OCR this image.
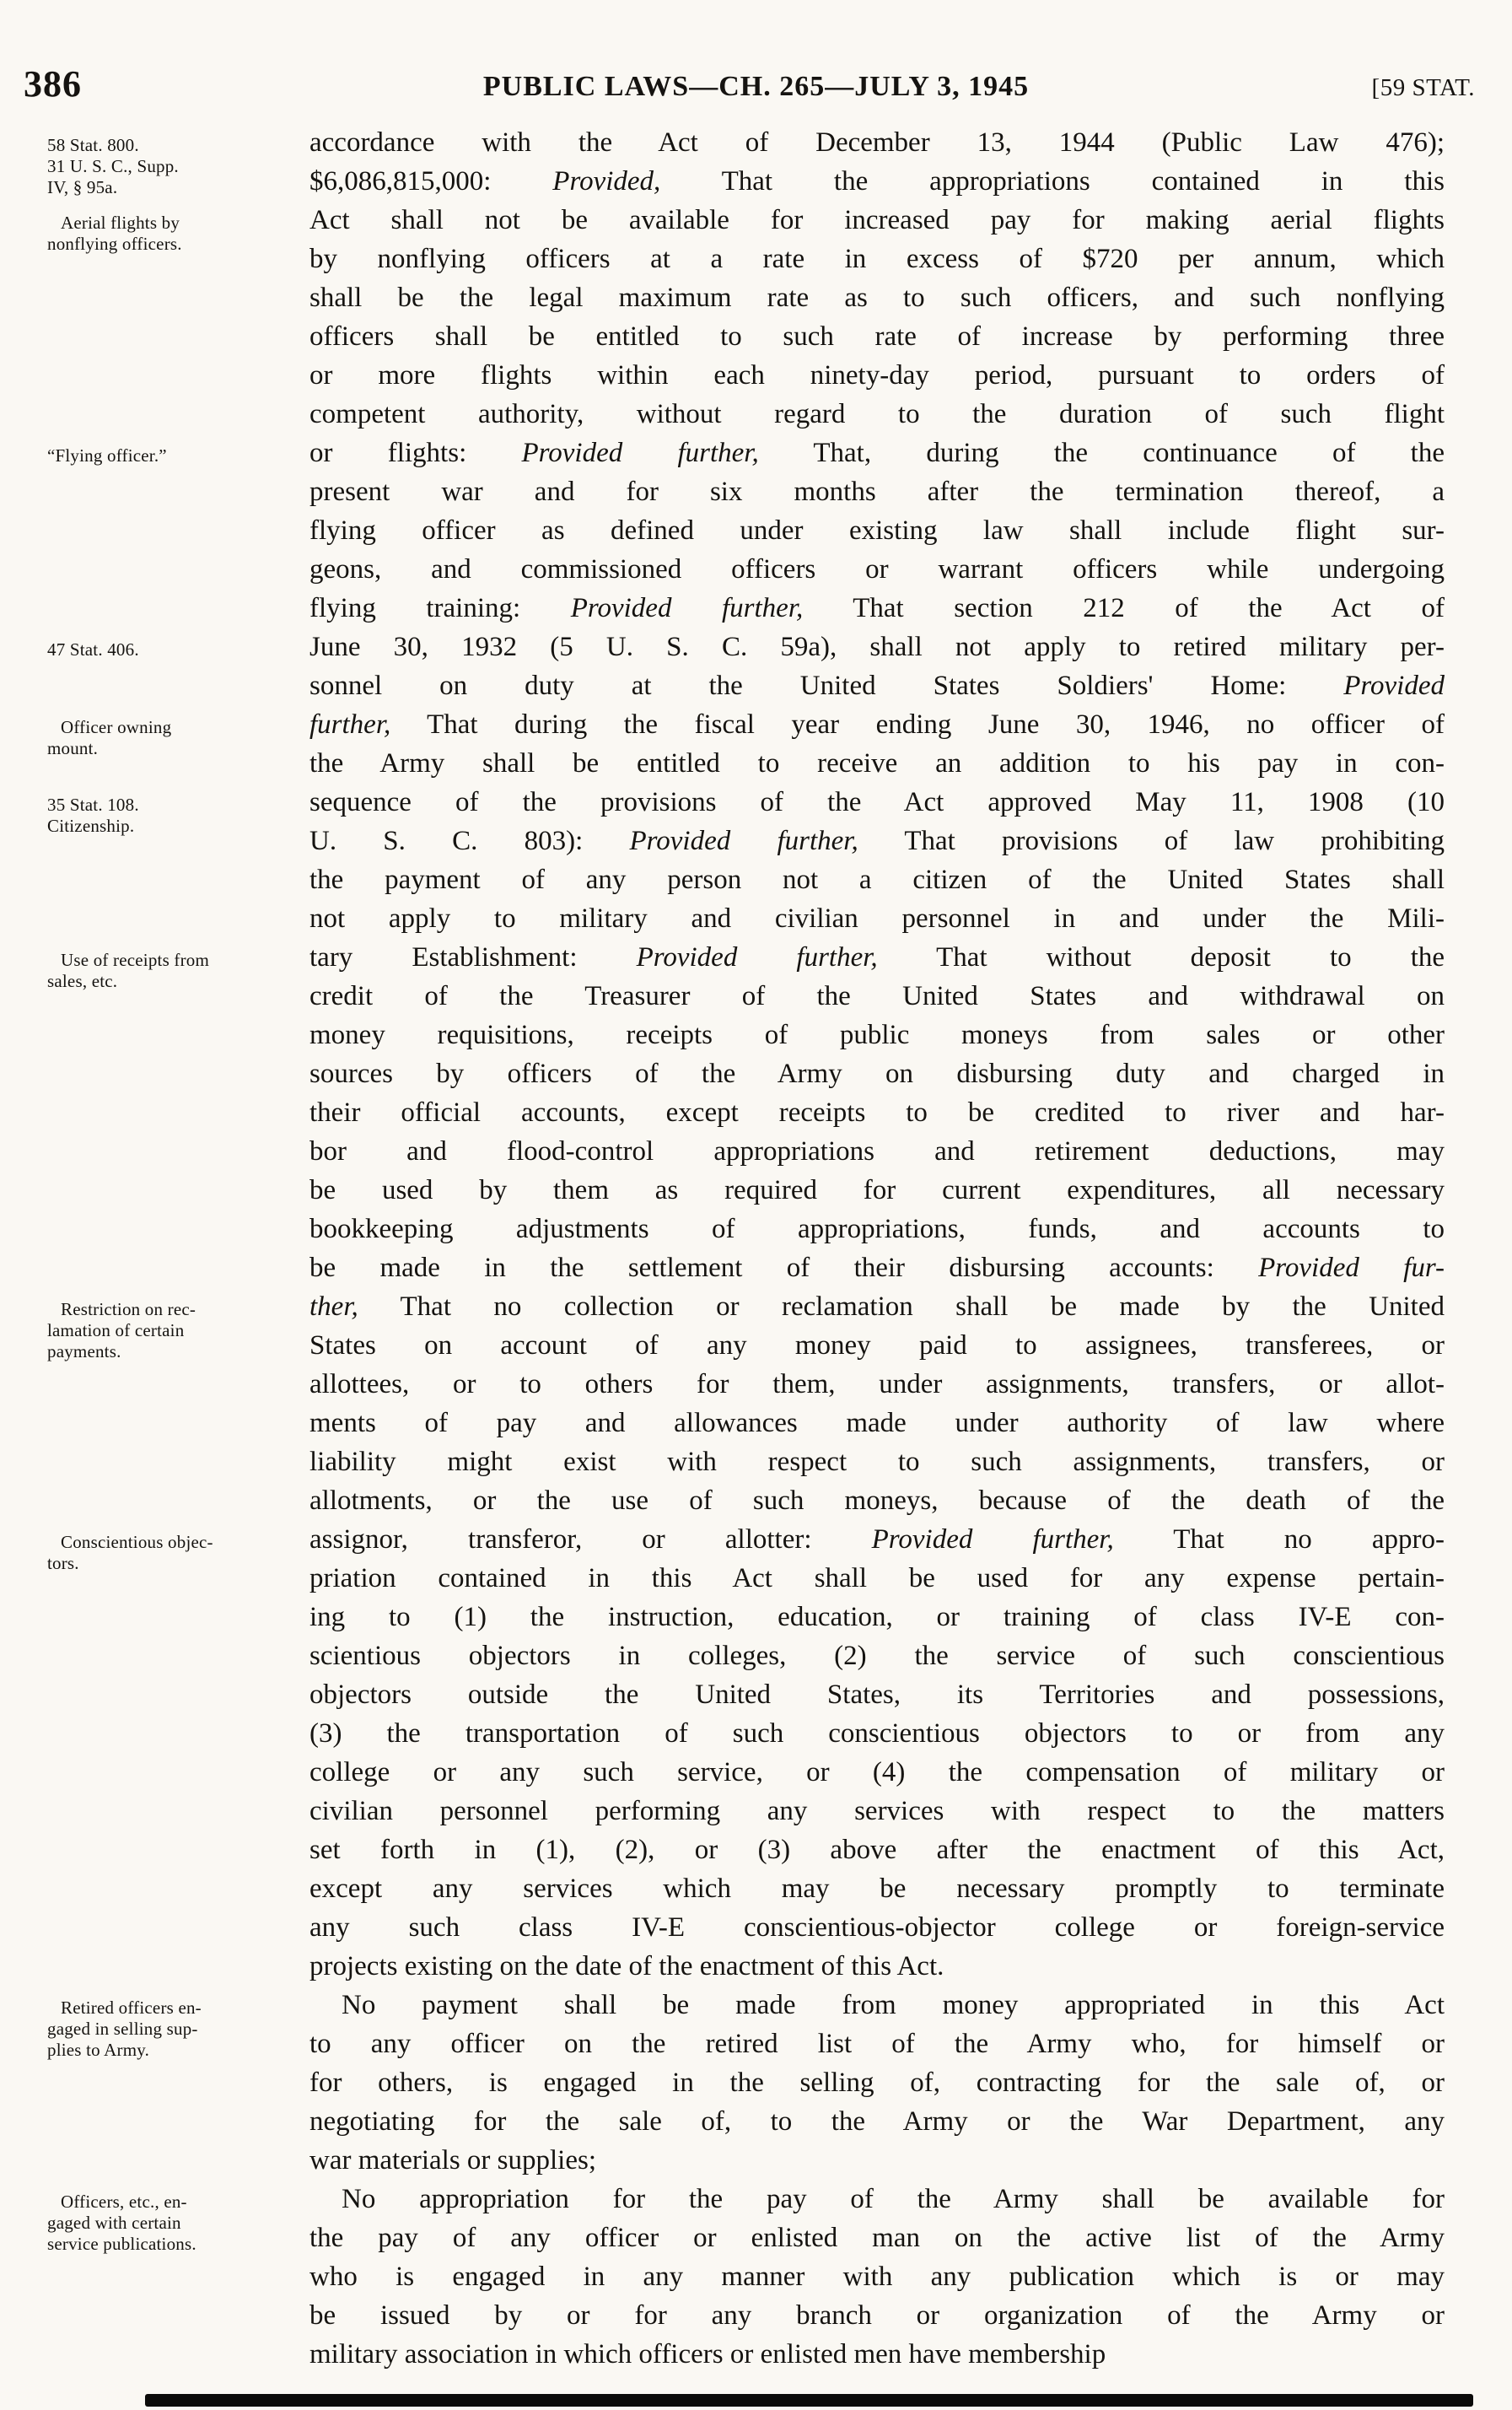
386	PUBLIC LAWS—CH. 265—JULY 3, 1945	[59 STAT.
58 Stat. 800.
31 U. S. C., Supp.
IV, § 95a.
Aerial flights by
nonflying officers.
“Flying officer.”
47 Stat. 406.
Officer owning
mount.
35 Stat. 108.
Citizenship.
Use of receipts from
sales, etc.
Restriction on rec-
lamation of certain
payments.
Conscientious objec-
tors.
Retired officers en-
gaged in selling sup-
plies to Army.
Officers, etc., en-
gaged with certain
service publications.
accordance with the Act of December 13, 1944 (Public Law 476);
$6,086,815,000: Provided, That the appropriations contained in this
Act shall not be available for increased pay for making aerial flights
by nonflying officers at a rate in excess of $720 per annum, which
shall be the legal maximum rate as to such officers, and such nonflying
officers shall be entitled to such rate of increase by performing three
or more flights within each ninety-day period, pursuant to orders of
competent authority, without regard to the duration of such flight
or flights: Provided further, That, during the continuance of the
present war and for six months after the termination thereof, a
flying officer as defined under existing law shall include flight sur-
geons, and commissioned officers or warrant officers while undergoing
flying training: Provided further, That section 212 of the Act of
June 30, 1932 (5 U. S. C. 59a), shall not apply to retired military per-
sonnel on duty at the United States Soldiers' Home: Provided
further, That during the fiscal year ending June 30, 1946, no officer of
the Army shall be entitled to receive an addition to his pay in con-
sequence of the provisions of the Act approved May 11, 1908 (10
U. S. C. 803): Provided further, That provisions of law prohibiting
the payment of any person not a citizen of the United States shall
not apply to military and civilian personnel in and under the Mili-
tary Establishment: Provided further, That without deposit to the
credit of the Treasurer of the United States and withdrawal on
money requisitions, receipts of public moneys from sales or other
sources by officers of the Army on disbursing duty and charged in
their official accounts, except receipts to be credited to river and har-
bor and flood-control appropriations and retirement deductions, may
be used by them as required for current expenditures, all necessary
bookkeeping adjustments of appropriations, funds, and accounts to
be made in the settlement of their disbursing accounts: Provided fur-
ther, That no collection or reclamation shall be made by the United
States on account of any money paid to assignees, transferees, or
allottees, or to others for them, under assignments, transfers, or allot-
ments of pay and allowances made under authority of law where
liability might exist with respect to such assignments, transfers, or
allotments, or the use of such moneys, because of the death of the
assignor, transferor, or allotter: Provided further, That no appro-
priation contained in this Act shall be used for any expense pertain-
ing to (1) the instruction, education, or training of class IV-E con-
scientious objectors in colleges, (2) the service of such conscientious
objectors outside the United States, its Territories and possessions,
(3) the transportation of such conscientious objectors to or from any
college or any such service, or (4) the compensation of military or
civilian personnel performing any services with respect to the matters
set forth in (1), (2), or (3) above after the enactment of this Act,
except any services which may be necessary promptly to terminate
any such class IV-E conscientious-objector college or foreign-service
projects existing on the date of the enactment of this Act.
No payment shall be made from money appropriated in this Act
to any officer on the retired list of the Army who, for himself or
for others, is engaged in the selling of, contracting for the sale of, or
negotiating for the sale of, to the Army or the War Department, any
war materials or supplies;
No appropriation for the pay of the Army shall be available for
the pay of any officer or enlisted man on the active list of the Army
who is engaged in any manner with any publication which is or may
be issued by or for any branch or organization of the Army or
military association in which officers or enlisted men have membership
